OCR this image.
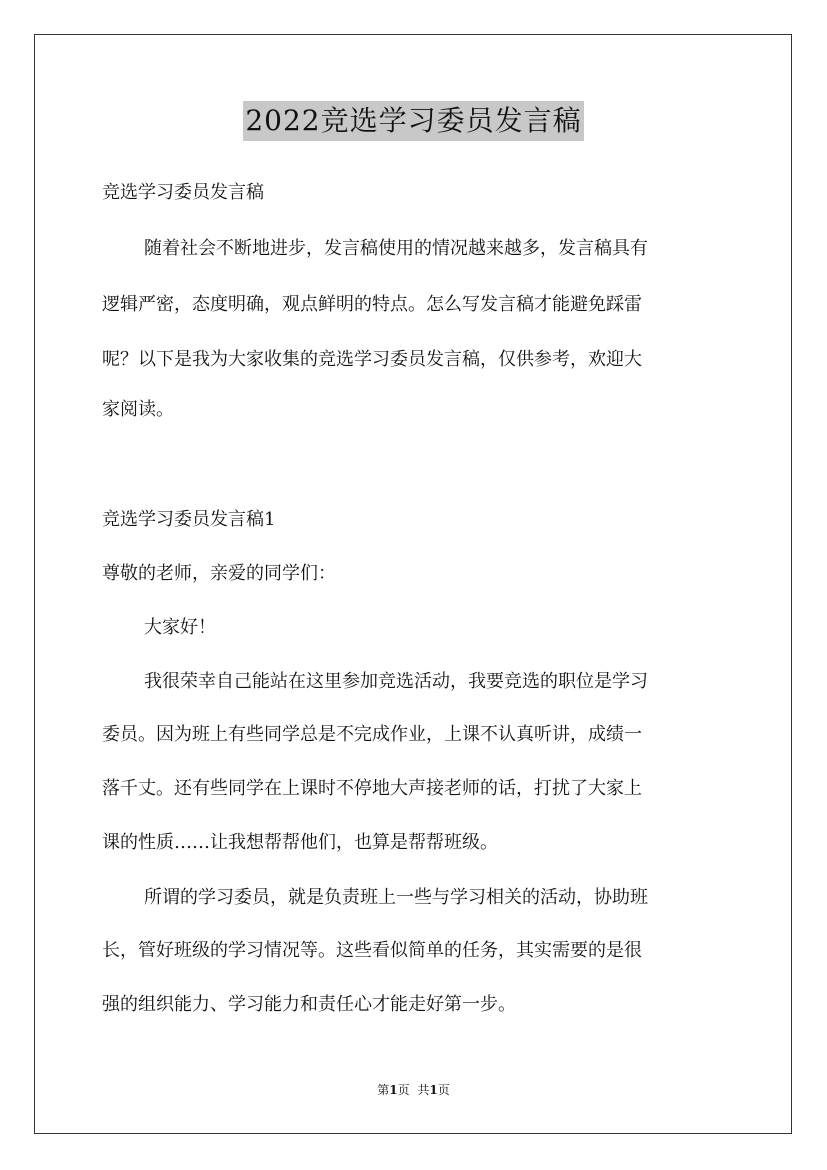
2022竞选学习委员发言稿
竞选学习委员发言稿
随着社会不断地进步，发言稿使用的情况越来越多，发言稿具有
逻辑严密，态度明确，观点鲜明的特点。怎么写发言稿才能避免踩雷
呢？以下是我为大家收集的竞选学习委员发言稿，仅供参考，欢迎大
家阅读。
竞选学习委员发言稿1
尊敬的老师，亲爱的同学们：
大家好！
我很荣幸自己能站在这里参加竞选活动，我要竞选的职位是学习
委员。因为班上有些同学总是不完成作业，上课不认真听讲，成绩一
落千丈。还有些同学在上课时不停地大声接老师的话，打扰了大家上
课的性质……让我想帮帮他们，也算是帮帮班级。
所谓的学习委员，就是负责班上一些与学习相关的活动，协助班
长，管好班级的学习情况等。这些看似简单的任务，其实需要的是很
强的组织能力、学习能力和责任心才能走好第一步。
第1页 共1页
